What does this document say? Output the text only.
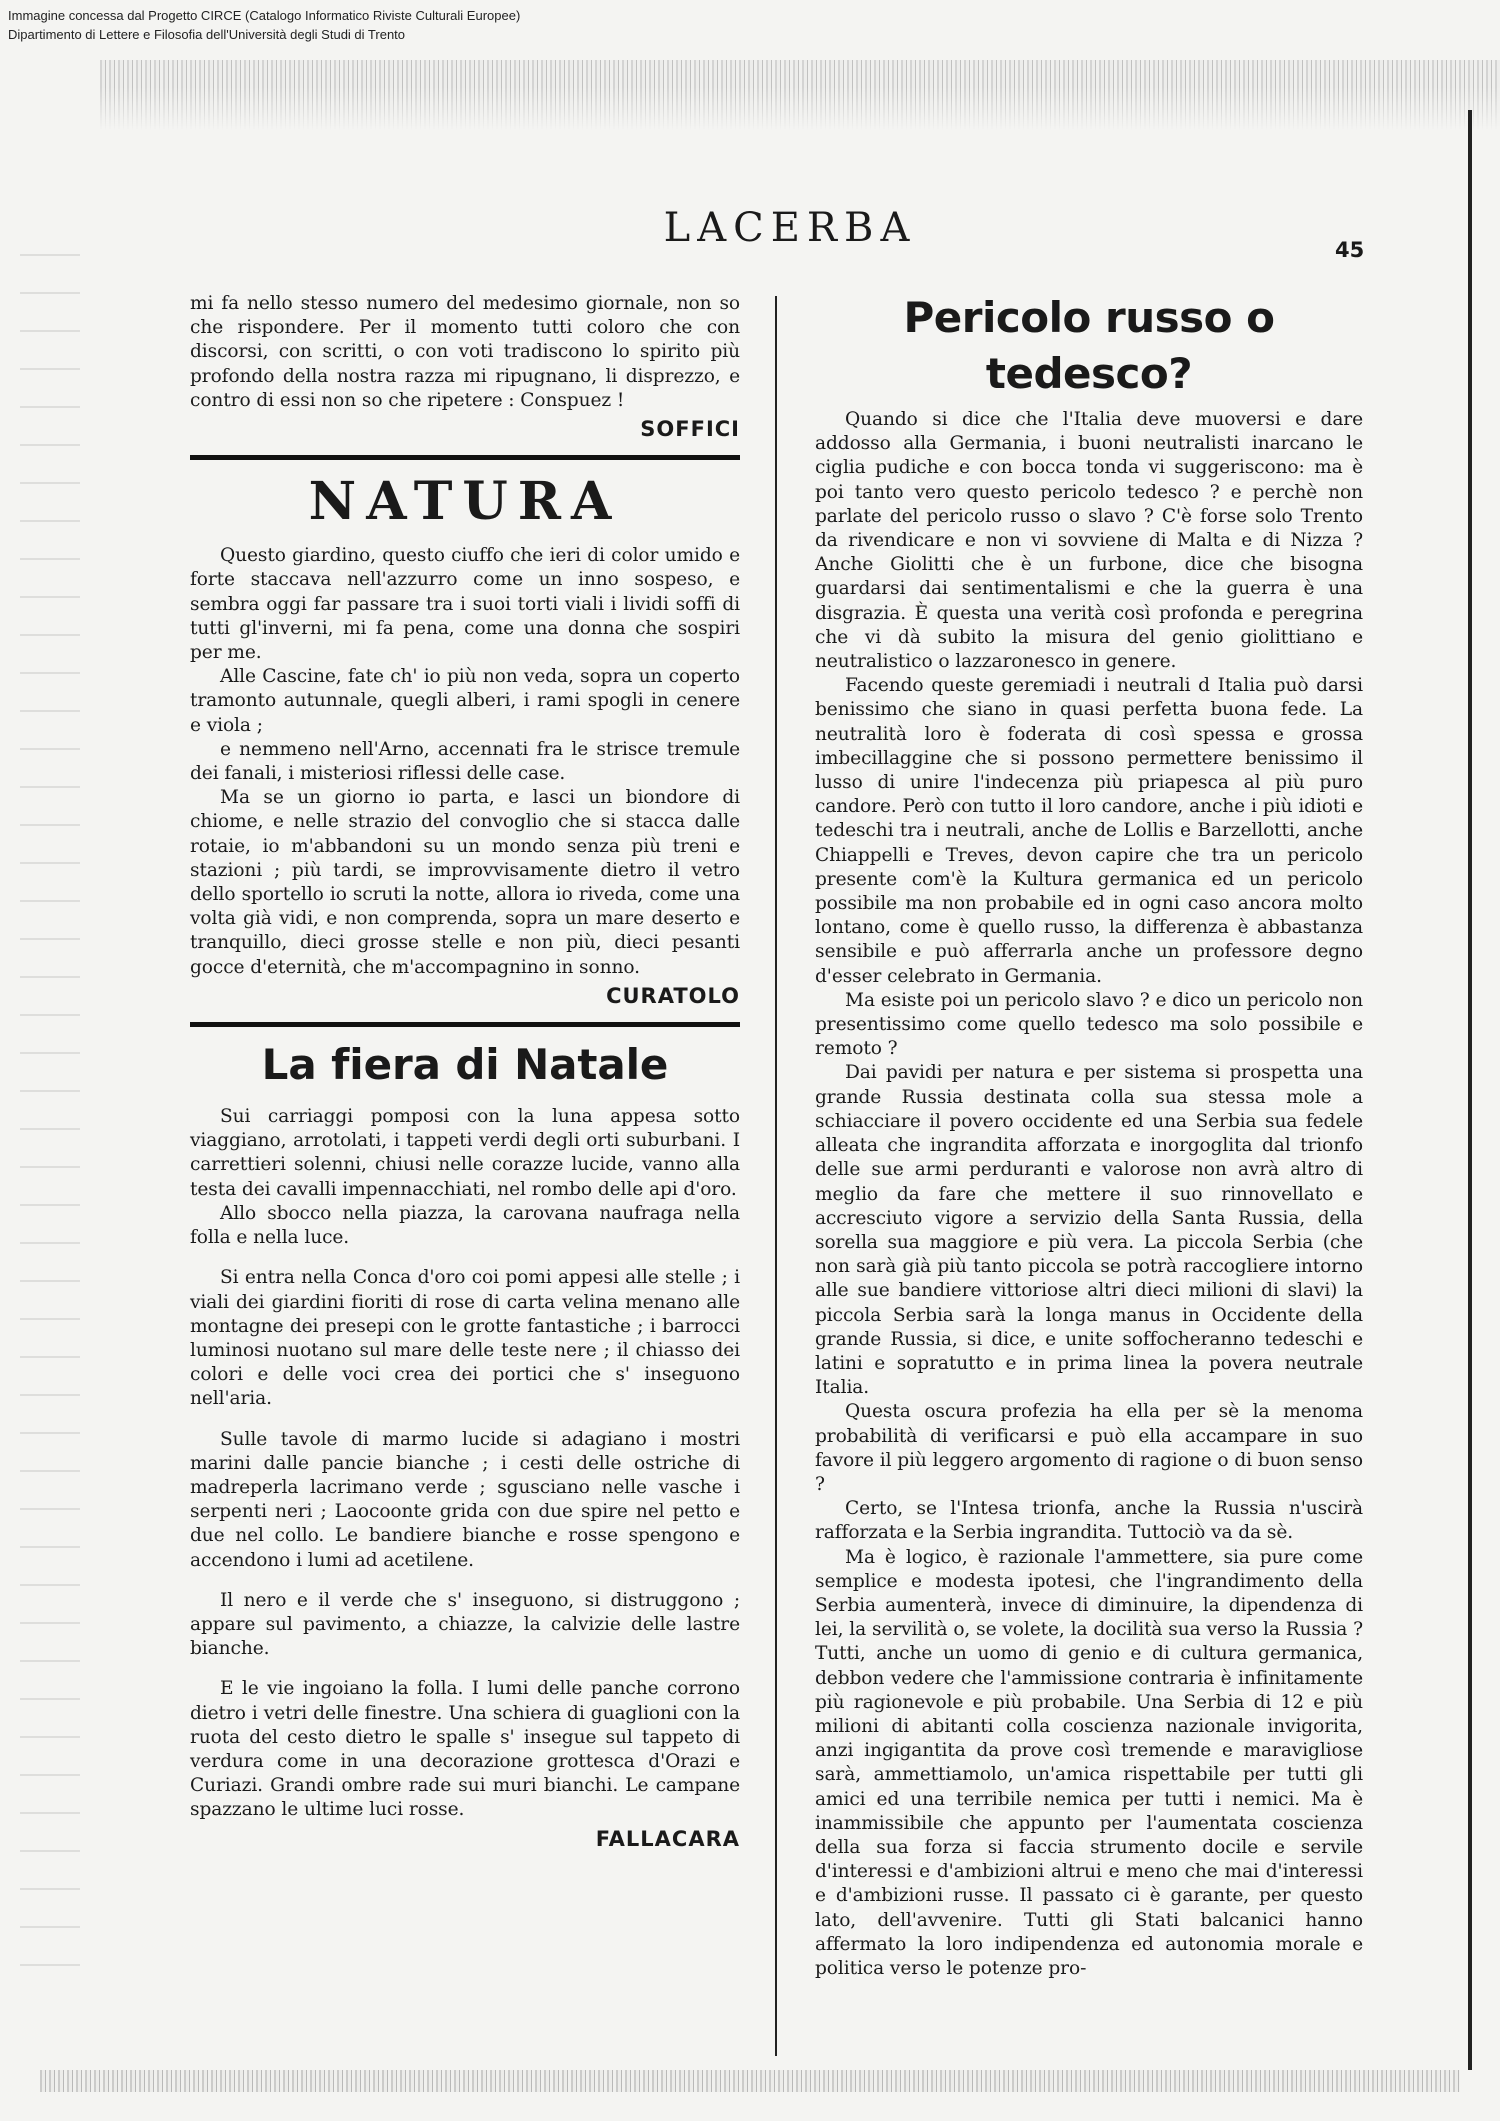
Immagine concessa dal Progetto CIRCE (Catalogo Informatico Riviste Culturali Europee)
Dipartimento di Lettere e Filosofia dell'Università degli Studi di Trento
LACERBA	45

mi fa nello stesso numero del medesimo giornale, non so che rispondere. Per il momento tutti coloro che con discorsi, con scritti, o con voti tradiscono lo spirito più profondo della nostra razza mi ripugnano, li disprezzo, e contro di essi non so che ripetere : Conspuez !

SOFFICI
NATURA

Questo giardino, questo ciuffo che ieri di color umido e forte staccava nell'azzurro come un inno sospeso, e sembra oggi far passare tra i suoi torti viali i lividi soffi di tutti gl'inverni, mi fa pena, come una donna che sospiri per me.

Alle Cascine, fate ch' io più non veda, sopra un coperto tramonto autunnale, quegli alberi, i rami spogli in cenere e viola ;

e nemmeno nell'Arno, accennati fra le strisce tremule dei fanali, i misteriosi riflessi delle case.

Ma se un giorno io parta, e lasci un biondore di chiome, e nelle strazio del convoglio che si stacca dalle rotaie, io m'abbandoni su un mondo senza più treni e stazioni ; più tardi, se improvvisamente dietro il vetro dello sportello io scruti la notte, allora io riveda, come una volta già vidi, e non comprenda, sopra un mare deserto e tranquillo, dieci grosse stelle e non più, dieci pesanti gocce d'eternità, che m'accompagnino in sonno.

CURATOLO
La fiera di Natale

Sui carriaggi pomposi con la luna appesa sotto viaggiano, arrotolati, i tappeti verdi degli orti suburbani. I carrettieri solenni, chiusi nelle corazze lucide, vanno alla testa dei cavalli impennacchiati, nel rombo delle api d'oro.

Allo sbocco nella piazza, la carovana naufraga nella folla e nella luce.

Si entra nella Conca d'oro coi pomi appesi alle stelle ; i viali dei giardini fioriti di rose di carta velina menano alle montagne dei presepi con le grotte fantastiche ; i barrocci luminosi nuotano sul mare delle teste nere ; il chiasso dei colori e delle voci crea dei portici che s' inseguono nell'aria.

Sulle tavole di marmo lucide si adagiano i mostri marini dalle pancie bianche ; i cesti delle ostriche di madreperla lacrimano verde ; sgusciano nelle vasche i serpenti neri ; Laocoonte grida con due spire nel petto e due nel collo. Le bandiere bianche e rosse spengono e accendono i lumi ad acetilene.

Il nero e il verde che s' inseguono, si distruggono ; appare sul pavimento, a chiazze, la calvizie delle lastre bianche.

E le vie ingoiano la folla. I lumi delle panche corrono dietro i vetri delle finestre. Una schiera di guaglioni con la ruota del cesto dietro le spalle s' insegue sul tappeto di verdura come in una decorazione grottesca d'Orazi e Curiazi. Grandi ombre rade sui muri bianchi. Le campane spazzano le ultime luci rosse.

FALLACARA
Pericolo russo o tedesco?

Quando si dice che l'Italia deve muoversi e dare addosso alla Germania, i buoni neutralisti inarcano le ciglia pudiche e con bocca tonda vi suggeriscono: ma è poi tanto vero questo pericolo tedesco ? e perchè non parlate del pericolo russo o slavo ? C'è forse solo Trento da rivendicare e non vi sovviene di Malta e di Nizza ? Anche Giolitti che è un furbone, dice che bisogna guardarsi dai sentimentalismi e che la guerra è una disgrazia. È questa una verità così profonda e peregrina che vi dà subito la misura del genio giolittiano e neutralistico o lazzaronesco in genere.

Facendo queste geremiadi i neutrali d Italia può darsi benissimo che siano in quasi perfetta buona fede. La neutralità loro è foderata di così spessa e grossa imbecillaggine che si possono permettere benissimo il lusso di unire l'indecenza più priapesca al più puro candore. Però con tutto il loro candore, anche i più idioti e tedeschi tra i neutrali, anche de Lollis e Barzellotti, anche Chiappelli e Treves, devon capire che tra un pericolo presente com'è la Kultura germanica ed un pericolo possibile ma non probabile ed in ogni caso ancora molto lontano, come è quello russo, la differenza è abbastanza sensibile e può afferrarla anche un professore degno d'esser celebrato in Germania.

Ma esiste poi un pericolo slavo ? e dico un pericolo non presentissimo come quello tedesco ma solo possibile e remoto ?

Dai pavidi per natura e per sistema si prospetta una grande Russia destinata colla sua stessa mole a schiacciare il povero occidente ed una Serbia sua fedele alleata che ingrandita afforzata e inorgoglita dal trionfo delle sue armi perduranti e valorose non avrà altro di meglio da fare che mettere il suo rinnovellato e accresciuto vigore a servizio della Santa Russia, della sorella sua maggiore e più vera. La piccola Serbia (che non sarà già più tanto piccola se potrà raccogliere intorno alle sue bandiere vittoriose altri dieci milioni di slavi) la piccola Serbia sarà la longa manus in Occidente della grande Russia, si dice, e unite soffocheranno tedeschi e latini e sopratutto e in prima linea la povera neutrale Italia.

Questa oscura profezia ha ella per sè la menoma probabilità di verificarsi e può ella accampare in suo favore il più leggero argomento di ragione o di buon senso ?

Certo, se l'Intesa trionfa, anche la Russia n'uscirà rafforzata e la Serbia ingrandita. Tuttociò va da sè.

Ma è logico, è razionale l'ammettere, sia pure come semplice e modesta ipotesi, che l'ingrandimento della Serbia aumenterà, invece di diminuire, la dipendenza di lei, la servilità o, se volete, la docilità sua verso la Russia ? Tutti, anche un uomo di genio e di cultura germanica, debbon vedere che l'ammissione contraria è infinitamente più ragionevole e più probabile. Una Serbia di 12 e più milioni di abitanti colla coscienza nazionale invigorita, anzi ingigantita da prove così tremende e maravigliose sarà, ammettiamolo, un'amica rispettabile per tutti gli amici ed una terribile nemica per tutti i nemici. Ma è inammissibile che appunto per l'aumentata coscienza della sua forza si faccia strumento docile e servile d'interessi e d'ambizioni altrui e meno che mai d'interessi e d'ambizioni russe. Il passato ci è garante, per questo lato, dell'avvenire. Tutti gli Stati balcanici hanno affermato la loro indipendenza ed autonomia morale e politica verso le potenze pro-
